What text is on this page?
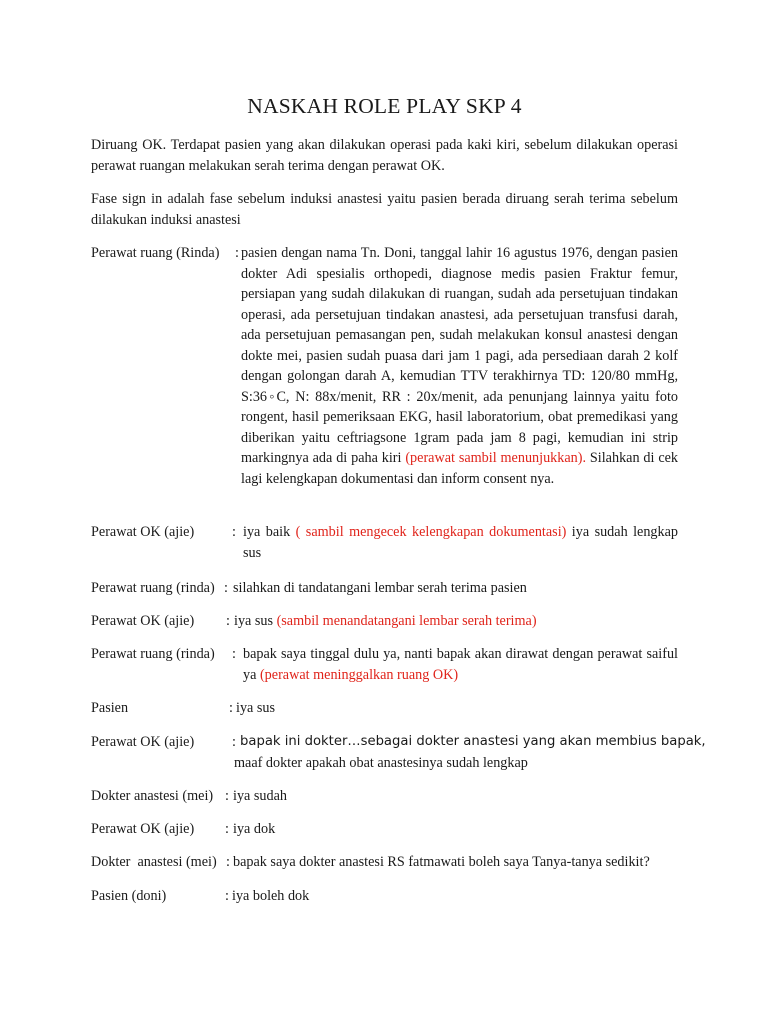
NASKAH ROLE PLAY SKP 4

Diruang OK. Terdapat pasien yang akan dilakukan operasi pada kaki kiri, sebelum dilakukan operasi perawat ruangan melakukan serah terima dengan perawat OK.

Fase sign in adalah fase sebelum induksi anastesi yaitu pasien berada diruang serah terima sebelum dilakukan induksi anastesi

Perawat ruang (Rinda) : pasien dengan nama Tn. Doni, tanggal lahir 16 agustus 1976, dengan pasien dokter Adi spesialis orthopedi, diagnose medis pasien Fraktur femur, persiapan yang sudah dilakukan di ruangan, sudah ada persetujuan tindakan operasi, ada persetujuan tindakan anastesi, ada persetujuan transfusi darah, ada persetujuan pemasangan pen, sudah melakukan konsul anastesi dengan dokte mei, pasien sudah puasa dari jam 1 pagi, ada persediaan darah 2 kolf dengan golongan darah A, kemudian TTV terakhirnya TD: 120/80 mmHg, S:36◦C, N: 88x/menit, RR : 20x/menit, ada penunjang lainnya yaitu foto rongent, hasil pemeriksaan EKG, hasil laboratorium, obat premedikasi yang diberikan yaitu ceftriagsone 1gram pada jam 8 pagi, kemudian ini strip markingnya ada di paha kiri (perawat sambil menunjukkan). Silahkan di cek lagi kelengkapan dokumentasi dan inform consent nya.
Perawat OK (ajie)	: iya baik ( sambil mengecek kelengkapan dokumentasi) iya sudah lengkap sus
Perawat ruang (rinda) : silahkan di tandatangani lembar serah terima pasien
Perawat OK (ajie) : iya sus (sambil menandatangani lembar serah terima)
Perawat ruang (rinda) : bapak saya tinggal dulu ya, nanti bapak akan dirawat dengan perawat saiful ya (perawat meninggalkan ruang OK)
Pasien	: iya sus
Perawat OK (ajie)	: bapak ini dokter…sebagai dokter anastesi yang akan membius bapak,
maaf dokter apakah obat anastesinya sudah lengkap
Dokter anastesi (mei) : iya sudah
Perawat OK (ajie) : iya dok
Dokter  anastesi (mei) : bapak saya dokter anastesi RS fatmawati boleh saya Tanya-tanya sedikit?
Pasien (doni)	: iya boleh dok
